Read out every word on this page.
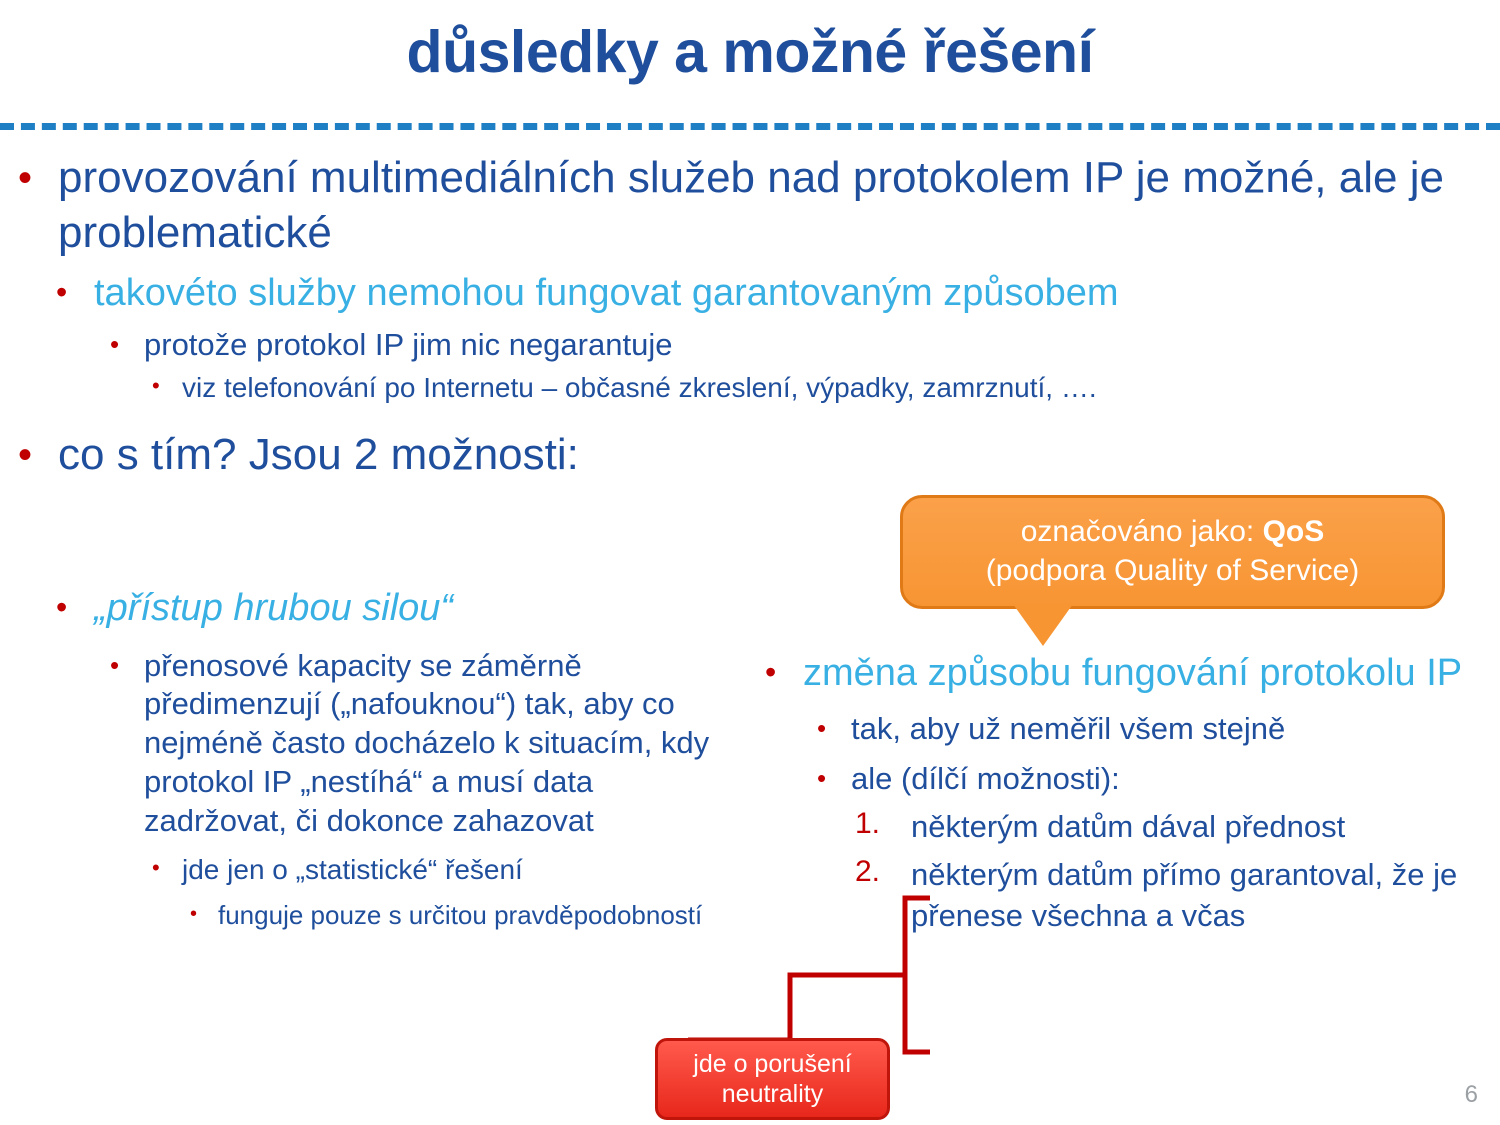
důsledky a možné řešení
• provozování multimediálních služeb nad protokolem IP je možné, ale je problematické
• takovéto služby nemohou fungovat garantovaným způsobem
• protože protokol IP jim nic negarantuje
• viz telefonování po Internetu – občasné zkreslení, výpadky, zamrznutí, ….
• co s tím? Jsou 2 možnosti:
• „přístup hrubou silou“
• přenosové kapacity se záměrně předimenzují („nafouknou“) tak, aby co nejméně často docházelo k situacím, kdy protokol IP „nestíhá“ a musí data zadržovat, či dokonce zahazovat
• jde jen o „statistické“ řešení
• funguje pouze s určitou pravděpodobností
• změna způsobu fungování protokolu IP
• tak, aby už neměřil všem stejně
• ale (dílčí možnosti):
1. některým datům dával přednost
2. některým datům přímo garantoval, že je přenese všechna a včas
označováno jako: QoS
(podpora Quality of Service)
jde o porušení
neutrality	6
